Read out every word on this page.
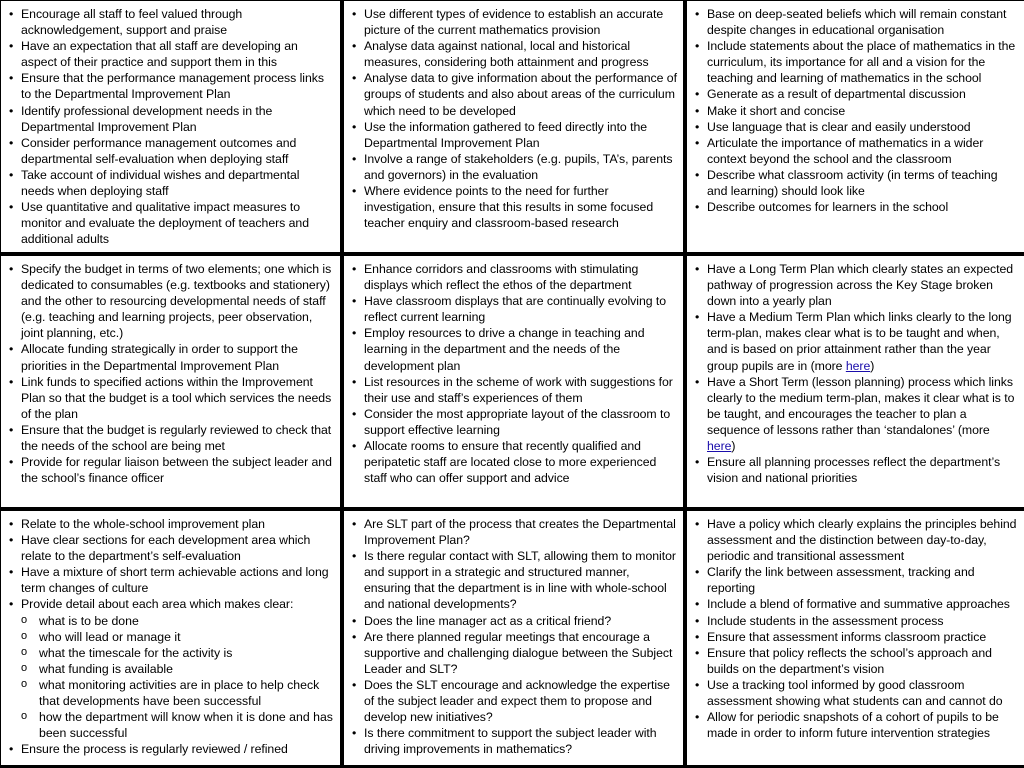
• Encourage all staff to feel valued through acknowledgement, support and praise
• Have an expectation that all staff are developing an aspect of their practice and support them in this
• Ensure that the performance management process links to the Departmental Improvement Plan
• Identify professional development needs in the Departmental Improvement Plan
• Consider performance management outcomes and departmental self-evaluation when deploying staff
• Take account of individual wishes and departmental needs when deploying staff
• Use quantitative and qualitative impact measures to monitor and evaluate the deployment of teachers and additional adults
• Use different types of evidence to establish an accurate picture of the current mathematics provision
• Analyse data against national, local and historical measures, considering both attainment and progress
• Analyse data to give information about the performance of groups of students and also about areas of the curriculum which need to be developed
• Use the information gathered to feed directly into the Departmental Improvement Plan
• Involve a range of stakeholders (e.g. pupils, TA’s, parents and governors) in the evaluation
• Where evidence points to the need for further investigation, ensure that this results in some focused teacher enquiry and classroom-based research
• Base on deep-seated beliefs which will remain constant despite changes in educational organisation
• Include statements about the place of mathematics in the curriculum, its importance for all and a vision for the teaching and learning of mathematics in the school
• Generate as a result of departmental discussion
• Make it short and concise
• Use language that is clear and easily understood
• Articulate the importance of mathematics in a wider context beyond the school and the classroom
• Describe what classroom activity (in terms of teaching and learning) should look like
• Describe outcomes for learners in the school
• Specify the budget in terms of two elements; one which is dedicated to consumables (e.g. textbooks and stationery) and the other to resourcing developmental needs of staff (e.g. teaching and learning projects, peer observation, joint planning, etc.)
• Allocate funding strategically in order to support the priorities in the Departmental Improvement Plan
• Link funds to specified actions within the Improvement Plan so that the budget is a tool which services the needs of the plan
• Ensure that the budget is regularly reviewed to check that the needs of the school are being met
• Provide for regular liaison between the subject leader and the school’s finance officer
• Enhance corridors and classrooms with stimulating displays which reflect the ethos of the department
• Have classroom displays that are continually evolving to reflect current learning
• Employ resources to drive a change in teaching and learning in the department and the needs of the development plan
• List resources in the scheme of work with suggestions for their use and staff’s experiences of them
• Consider the most appropriate layout of the classroom to support effective learning
• Allocate rooms to ensure that recently qualified and peripatetic staff are located close to more experienced staff who can offer support and advice
• Have a Long Term Plan which clearly states an expected pathway of progression across the Key Stage broken down into a yearly plan
• Have a Medium Term Plan which links clearly to the long term-plan, makes clear what is to be taught and when, and is based on prior attainment rather than the year group pupils are in (more here)
• Have a Short Term (lesson planning) process which links clearly to the medium term-plan, makes it clear what is to be taught, and encourages the teacher to plan a sequence of lessons rather than ‘standalones’ (more here)
• Ensure all planning processes reflect the department’s vision and national priorities
• Relate to the whole-school improvement plan
• Have clear sections for each development area which relate to the department’s self-evaluation
• Have a mixture of short term achievable actions and long term changes of culture
• Provide detail about each area which makes clear:
o what is to be done
o who will lead or manage it
o what the timescale for the activity is
o what funding is available
o what monitoring activities are in place to help check that developments have been successful
o how the department will know when it is done and has been successful
• Ensure the process is regularly reviewed / refined
• Are SLT part of the process that creates the Departmental Improvement Plan?
• Is there regular contact with SLT, allowing them to monitor and support in a strategic and structured manner, ensuring that the department is in line with whole-school and national developments?
• Does the line manager act as a critical friend?
• Are there planned regular meetings that encourage a supportive and challenging dialogue between the Subject Leader and SLT?
• Does the SLT encourage and acknowledge the expertise of the subject leader and expect them to propose and develop new initiatives?
• Is there commitment to support the subject leader with driving improvements in mathematics?
• Have a policy which clearly explains the principles behind assessment and the distinction between day-to-day, periodic and transitional assessment
• Clarify the link between assessment, tracking and reporting
• Include a blend of formative and summative approaches
• Include students in the assessment process
• Ensure that assessment informs classroom practice
• Ensure that policy reflects the school’s approach and builds on the department’s vision
• Use a tracking tool informed by good classroom assessment showing what students can and cannot do
• Allow for periodic snapshots of a cohort of pupils to be made in order to inform future intervention strategies
